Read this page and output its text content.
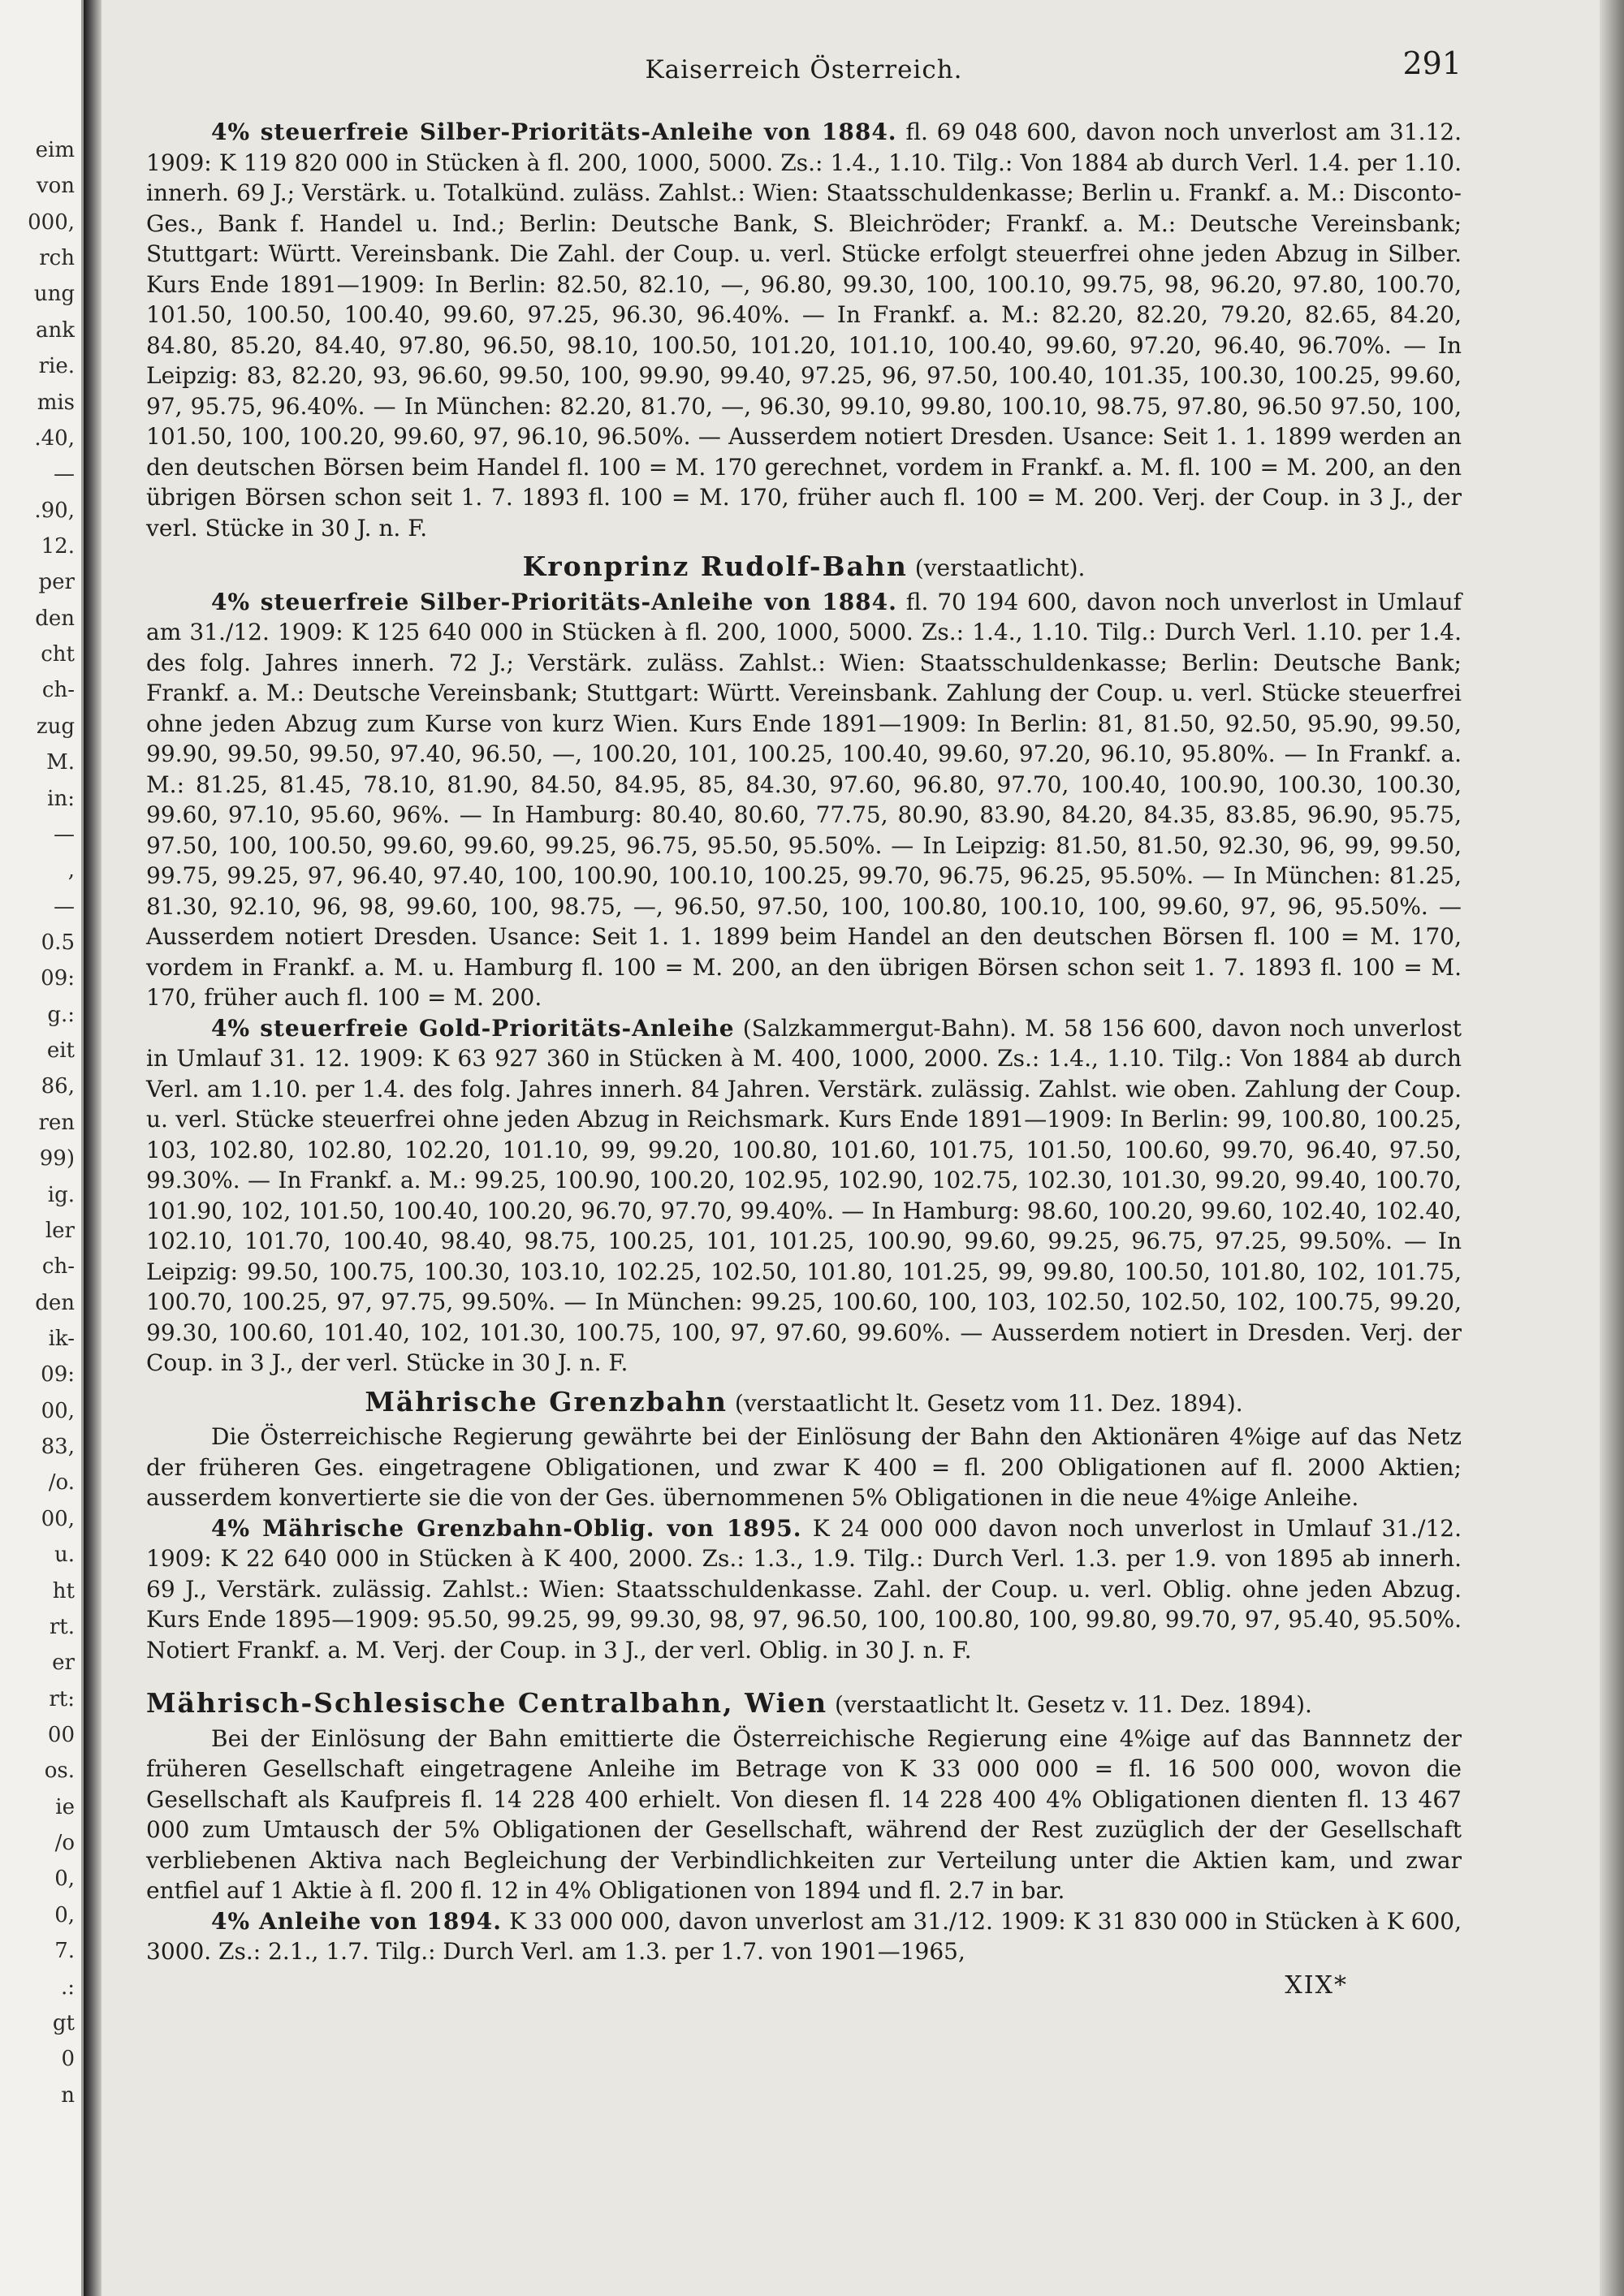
eim
von
000,
rch
ung
ank
rie.
mis
.40,
—
.90,
12.
per
den
cht
ch-
zug
M.
in:
—
,
—
0.5
09:
g.:
eit
86,
ren
99)
ig.
ler
ch-
den
ik-
09:
00,
83,
/o.
00,
u.
ht
rt.
er
rt:
00
os.
ie
/o
0,
0,
7.
.:
gt
0
n
Kaiserreich Österreich.	291

4% steuerfreie Silber-Prioritäts-Anleihe von 1884. fl. 69 048 600, davon noch unverlost am 31.12. 1909: K 119 820 000 in Stücken à fl. 200, 1000, 5000. Zs.: 1.4., 1.10. Tilg.: Von 1884 ab durch Verl. 1.4. per 1.10. innerh. 69 J.; Verstärk. u. Totalkünd. zuläss. Zahlst.: Wien: Staatsschuldenkasse; Berlin u. Frankf. a. M.: Disconto-Ges., Bank f. Handel u. Ind.; Berlin: Deutsche Bank, S. Bleichröder; Frankf. a. M.: Deutsche Vereinsbank; Stuttgart: Württ. Vereinsbank. Die Zahl. der Coup. u. verl. Stücke erfolgt steuerfrei ohne jeden Abzug in Silber. Kurs Ende 1891—1909: In Berlin: 82.50, 82.10, —, 96.80, 99.30, 100, 100.10, 99.75, 98, 96.20, 97.80, 100.70, 101.50, 100.50, 100.40, 99.60, 97.25, 96.30, 96.40%. — In Frankf. a. M.: 82.20, 82.20, 79.20, 82.65, 84.20, 84.80, 85.20, 84.40, 97.80, 96.50, 98.10, 100.50, 101.20, 101.10, 100.40, 99.60, 97.20, 96.40, 96.70%. — In Leipzig: 83, 82.20, 93, 96.60, 99.50, 100, 99.90, 99.40, 97.25, 96, 97.50, 100.40, 101.35, 100.30, 100.25, 99.60, 97, 95.75, 96.40%. — In München: 82.20, 81.70, —, 96.30, 99.10, 99.80, 100.10, 98.75, 97.80, 96.50 97.50, 100, 101.50, 100, 100.20, 99.60, 97, 96.10, 96.50%. — Ausserdem notiert Dresden. Usance: Seit 1. 1. 1899 werden an den deutschen Börsen beim Handel fl. 100 = M. 170 gerechnet, vordem in Frankf. a. M. fl. 100 = M. 200, an den übrigen Börsen schon seit 1. 7. 1893 fl. 100 = M. 170, früher auch fl. 100 = M. 200. Verj. der Coup. in 3 J., der verl. Stücke in 30 J. n. F.

Kronprinz Rudolf-Bahn (verstaatlicht).

4% steuerfreie Silber-Prioritäts-Anleihe von 1884. fl. 70 194 600, davon noch unverlost in Umlauf am 31./12. 1909: K 125 640 000 in Stücken à fl. 200, 1000, 5000. Zs.: 1.4., 1.10. Tilg.: Durch Verl. 1.10. per 1.4. des folg. Jahres innerh. 72 J.; Verstärk. zuläss. Zahlst.: Wien: Staatsschuldenkasse; Berlin: Deutsche Bank; Frankf. a. M.: Deutsche Vereinsbank; Stuttgart: Württ. Vereinsbank. Zahlung der Coup. u. verl. Stücke steuerfrei ohne jeden Abzug zum Kurse von kurz Wien. Kurs Ende 1891—1909: In Berlin: 81, 81.50, 92.50, 95.90, 99.50, 99.90, 99.50, 99.50, 97.40, 96.50, —, 100.20, 101, 100.25, 100.40, 99.60, 97.20, 96.10, 95.80%. — In Frankf. a. M.: 81.25, 81.45, 78.10, 81.90, 84.50, 84.95, 85, 84.30, 97.60, 96.80, 97.70, 100.40, 100.90, 100.30, 100.30, 99.60, 97.10, 95.60, 96%. — In Hamburg: 80.40, 80.60, 77.75, 80.90, 83.90, 84.20, 84.35, 83.85, 96.90, 95.75, 97.50, 100, 100.50, 99.60, 99.60, 99.25, 96.75, 95.50, 95.50%. — In Leipzig: 81.50, 81.50, 92.30, 96, 99, 99.50, 99.75, 99.25, 97, 96.40, 97.40, 100, 100.90, 100.10, 100.25, 99.70, 96.75, 96.25, 95.50%. — In München: 81.25, 81.30, 92.10, 96, 98, 99.60, 100, 98.75, —, 96.50, 97.50, 100, 100.80, 100.10, 100, 99.60, 97, 96, 95.50%. — Ausserdem notiert Dresden. Usance: Seit 1. 1. 1899 beim Handel an den deutschen Börsen fl. 100 = M. 170, vordem in Frankf. a. M. u. Hamburg fl. 100 = M. 200, an den übrigen Börsen schon seit 1. 7. 1893 fl. 100 = M. 170, früher auch fl. 100 = M. 200.

4% steuerfreie Gold-Prioritäts-Anleihe (Salzkammergut-Bahn). M. 58 156 600, davon noch unverlost in Umlauf 31. 12. 1909: K 63 927 360 in Stücken à M. 400, 1000, 2000. Zs.: 1.4., 1.10. Tilg.: Von 1884 ab durch Verl. am 1.10. per 1.4. des folg. Jahres innerh. 84 Jahren. Verstärk. zulässig. Zahlst. wie oben. Zahlung der Coup. u. verl. Stücke steuerfrei ohne jeden Abzug in Reichsmark. Kurs Ende 1891—1909: In Berlin: 99, 100.80, 100.25, 103, 102.80, 102.80, 102.20, 101.10, 99, 99.20, 100.80, 101.60, 101.75, 101.50, 100.60, 99.70, 96.40, 97.50, 99.30%. — In Frankf. a. M.: 99.25, 100.90, 100.20, 102.95, 102.90, 102.75, 102.30, 101.30, 99.20, 99.40, 100.70, 101.90, 102, 101.50, 100.40, 100.20, 96.70, 97.70, 99.40%. — In Hamburg: 98.60, 100.20, 99.60, 102.40, 102.40, 102.10, 101.70, 100.40, 98.40, 98.75, 100.25, 101, 101.25, 100.90, 99.60, 99.25, 96.75, 97.25, 99.50%. — In Leipzig: 99.50, 100.75, 100.30, 103.10, 102.25, 102.50, 101.80, 101.25, 99, 99.80, 100.50, 101.80, 102, 101.75, 100.70, 100.25, 97, 97.75, 99.50%. — In München: 99.25, 100.60, 100, 103, 102.50, 102.50, 102, 100.75, 99.20, 99.30, 100.60, 101.40, 102, 101.30, 100.75, 100, 97, 97.60, 99.60%. — Ausserdem notiert in Dresden. Verj. der Coup. in 3 J., der verl. Stücke in 30 J. n. F.

Mährische Grenzbahn (verstaatlicht lt. Gesetz vom 11. Dez. 1894).

Die Österreichische Regierung gewährte bei der Einlösung der Bahn den Aktionären 4%ige auf das Netz der früheren Ges. eingetragene Obligationen, und zwar K 400 = fl. 200 Obligationen auf fl. 2000 Aktien; ausserdem konvertierte sie die von der Ges. übernommenen 5% Obligationen in die neue 4%ige Anleihe.

4% Mährische Grenzbahn-Oblig. von 1895. K 24 000 000 davon noch unverlost in Umlauf 31./12. 1909: K 22 640 000 in Stücken à K 400, 2000. Zs.: 1.3., 1.9. Tilg.: Durch Verl. 1.3. per 1.9. von 1895 ab innerh. 69 J., Verstärk. zulässig. Zahlst.: Wien: Staatsschuldenkasse. Zahl. der Coup. u. verl. Oblig. ohne jeden Abzug. Kurs Ende 1895—1909: 95.50, 99.25, 99, 99.30, 98, 97, 96.50, 100, 100.80, 100, 99.80, 99.70, 97, 95.40, 95.50%. Notiert Frankf. a. M. Verj. der Coup. in 3 J., der verl. Oblig. in 30 J. n. F.

Mährisch-Schlesische Centralbahn, Wien (verstaatlicht lt. Gesetz v. 11. Dez. 1894).

Bei der Einlösung der Bahn emittierte die Österreichische Regierung eine 4%ige auf das Bannnetz der früheren Gesellschaft eingetragene Anleihe im Betrage von K 33 000 000 = fl. 16 500 000, wovon die Gesellschaft als Kaufpreis fl. 14 228 400 erhielt. Von diesen fl. 14 228 400 4% Obligationen dienten fl. 13 467 000 zum Umtausch der 5% Obligationen der Gesellschaft, während der Rest zuzüglich der der Gesellschaft verbliebenen Aktiva nach Begleichung der Verbindlichkeiten zur Verteilung unter die Aktien kam, und zwar entfiel auf 1 Aktie à fl. 200 fl. 12 in 4% Obligationen von 1894 und fl. 2.7 in bar.

4% Anleihe von 1894. K 33 000 000, davon unverlost am 31./12. 1909: K 31 830 000 in Stücken à K 600, 3000. Zs.: 2.1., 1.7. Tilg.: Durch Verl. am 1.3. per 1.7. von 1901—1965,

XIX*
